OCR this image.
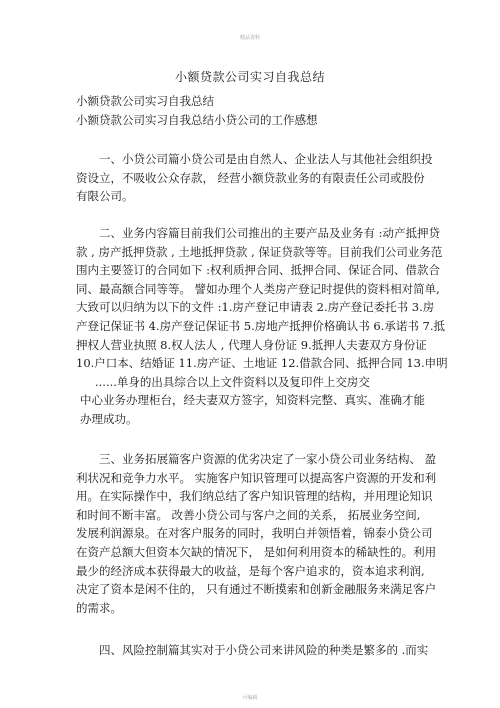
精品资料
小额贷款公司实习自我总结
小额贷款公司实习自我总结
小额贷款公司实习自我总结小贷公司的工作感想
一、小贷公司篇小贷公司是由自然人、企业法人与其他社会组织投
资设立，不吸收公众存款， 经营小额贷款业务的有限责任公司或股份
有限公司。
二、业务内容篇目前我们公司推出的主要产品及业务有 :动产抵押贷
款 , 房产抵押贷款 , 土地抵押贷款 , 保证贷款等等。目前我们公司业务范
围内主要签订的合同如下 :权利质押合同、抵押合同、保证合同、借款合
同、最高额合同等等。 譬如办理个人类房产登记时提供的资料相对简单,
大致可以归纳为以下的文件 :1.房产登记申请表 2.房产登记委托书 3.房
产登记保证书 4.房产登记保证书 5.房地产抵押价格确认书 6.承诺书 7.抵
押权人营业执照 8.权人法人 , 代理人身份证 9.抵押人夫妻双方身份证
10.户口本、结婚证 11.房产证、土地证 12.借款合同、抵押合同 13.申明
......单身的出具综合以上文件资料以及复印件上交房交
中心业务办理柜台，经夫妻双方签字，知资料完整、真实、准确才能
办理成功。
三、业务拓展篇客户资源的优劣决定了一家小贷公司业务结构、 盈
利状况和竞争力水平。 实施客户知识管理可以提高客户资源的开发和利
用。在实际操作中，我们纳总结了客户知识管理的结构，并用理论知识
和时间不断丰富。 改善小贷公司与客户之间的关系， 拓展业务空间,
发展利润源泉。在对客户服务的同时，我明白并领悟着，锦泰小贷公司
在资产总额大但资本欠缺的情况下， 是如何利用资本的稀缺性的。利用
最少的经济成本获得最大的收益，是每个客户追求的，资本追求利润,
决定了资本是闲不住的， 只有通过不断摸索和创新金融服务来满足客户
的需求。
四、风险控制篇其实对于小贷公司来讲风险的种类是繁多的 .而实
可编辑
